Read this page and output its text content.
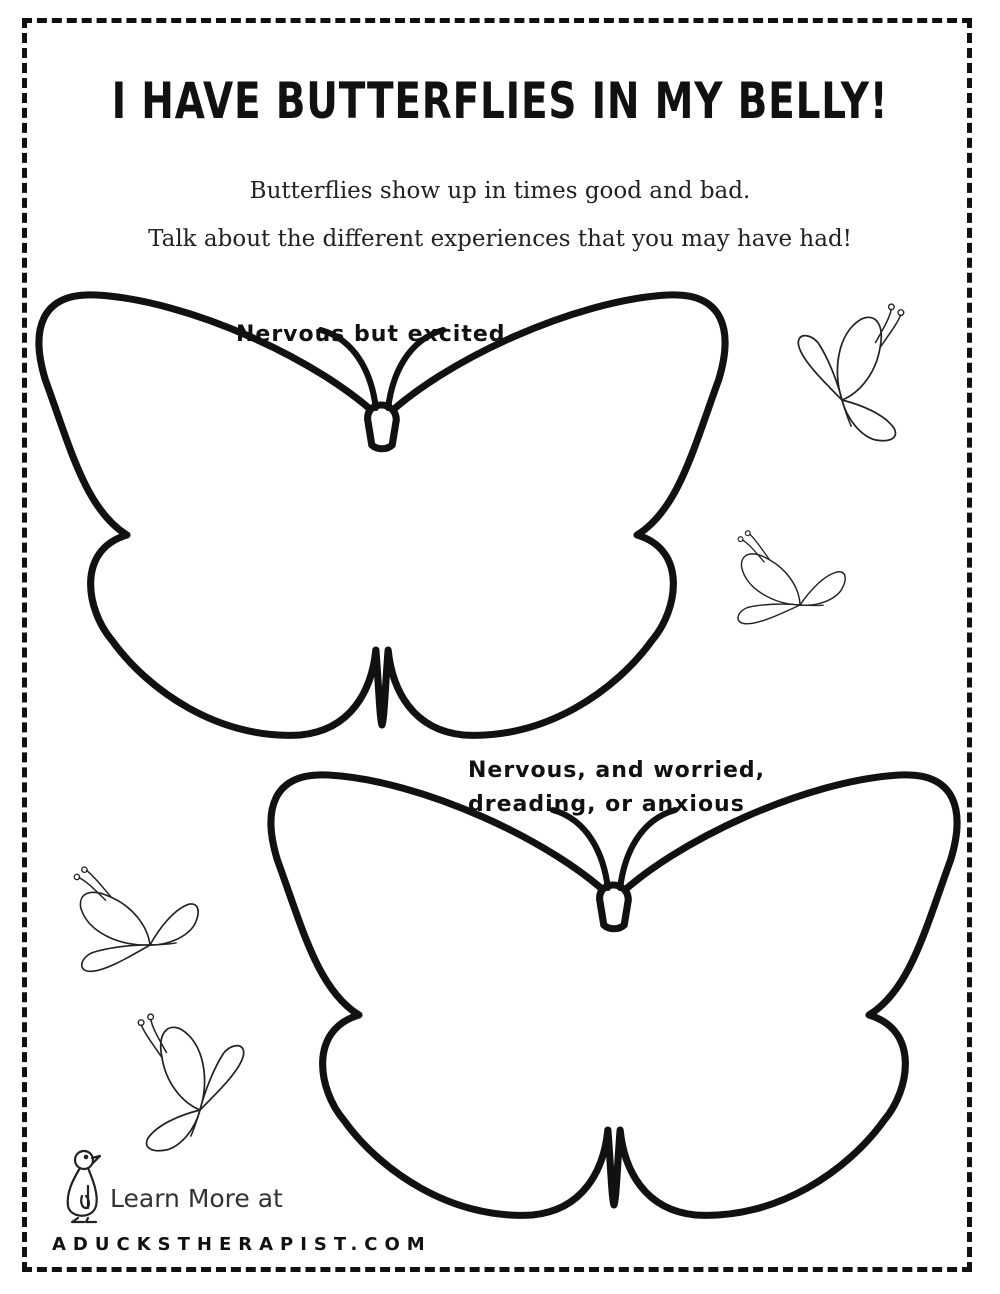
I HAVE BUTTERFLIES IN MY BELLY!
Butterflies show up in times good and bad.
Talk about the different experiences that you may have had!
Nervous but excited
Nervous, and worried,
dreading, or anxious
Learn More at
ADUCKSTHERAPIST.COM
